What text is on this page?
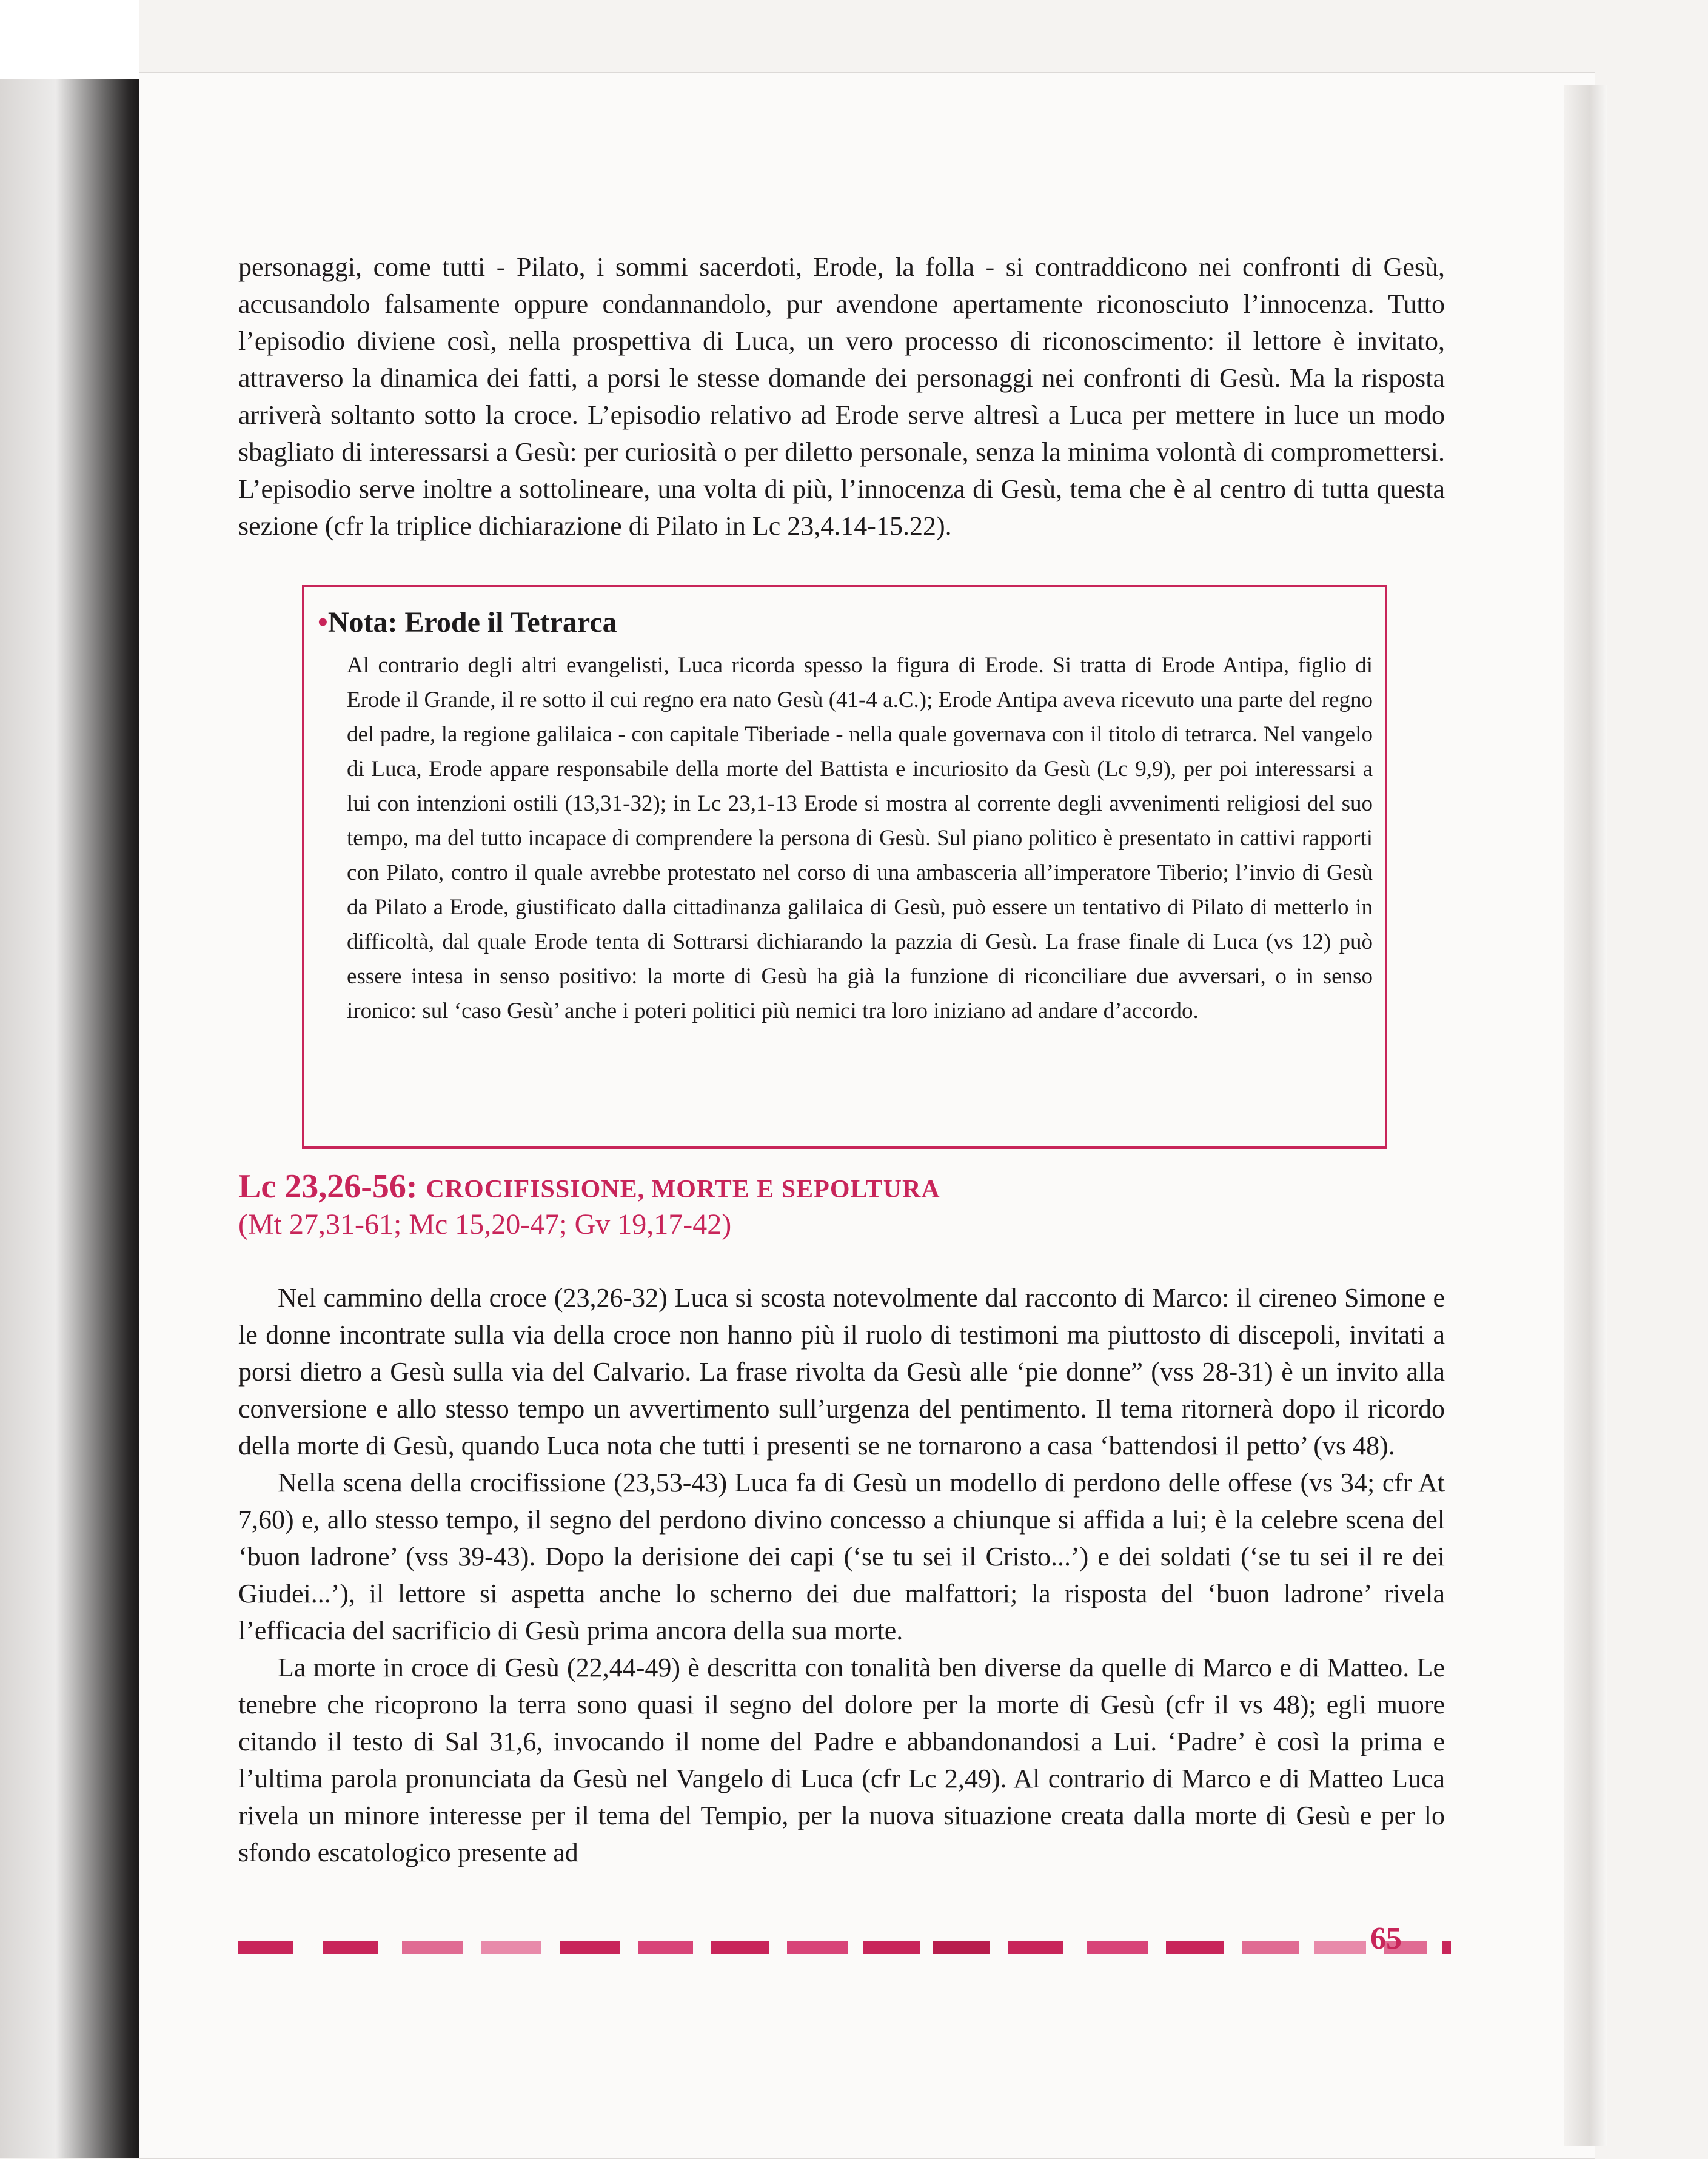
personaggi, come tutti - Pilato, i sommi sacerdoti, Erode, la folla - si contraddicono nei confronti di Gesù, accusandolo falsamente oppure condannandolo, pur avendone apertamente riconosciuto l’innocenza. Tutto l’episodio diviene così, nella prospettiva di Luca, un vero processo di riconoscimento: il lettore è invitato, attraverso la dinamica dei fatti, a porsi le stesse domande dei personaggi nei confronti di Gesù. Ma la risposta arriverà soltanto sotto la croce. L’episodio relativo ad Erode serve altresì a Luca per mettere in luce un modo sbagliato di interessarsi a Gesù: per curiosità o per diletto personale, senza la minima volontà di compromettersi. L’episodio serve inoltre a sottolineare, una volta di più, l’innocenza di Gesù, tema che è al centro di tutta questa sezione (cfr la triplice dichiarazione di Pilato in Lc 23,4.14-15.22).

•Nota: Erode il Tetrarca
Al contrario degli altri evangelisti, Luca ricorda spesso la figura di Erode. Si tratta di Erode Antipa, figlio di Erode il Grande, il re sotto il cui regno era nato Gesù (41-4 a.C.); Erode Antipa aveva ricevuto una parte del regno del padre, la regione galilaica - con capitale Tiberiade - nella quale governava con il titolo di tetrarca. Nel vangelo di Luca, Erode appare responsabile della morte del Battista e incuriosito da Gesù (Lc 9,9), per poi interessarsi a lui con intenzioni ostili (13,31-32); in Lc 23,1-13 Erode si mostra al corrente degli avvenimenti religiosi del suo tempo, ma del tutto incapace di comprendere la persona di Gesù. Sul piano politico è presentato in cattivi rapporti con Pilato, contro il quale avrebbe protestato nel corso di una ambasceria all’imperatore Tiberio; l’invio di Gesù da Pilato a Erode, giustificato dalla cittadinanza galilaica di Gesù, può essere un tentativo di Pilato di metterlo in difficoltà, dal quale Erode tenta di Sottrarsi dichiarando la pazzia di Gesù. La frase finale di Luca (vs 12) può essere intesa in senso positivo: la morte di Gesù ha già la funzione di riconciliare due avversari, o in senso ironico: sul ‘caso Gesù’ anche i poteri politici più nemici tra loro iniziano ad andare d’accordo.
Lc 23,26-56: CROCIFISSIONE, MORTE E SEPOLTURA
(Mt 27,31-61; Mc 15,20-47; Gv 19,17-42)

Nel cammino della croce (23,26-32) Luca si scosta notevolmente dal racconto di Marco: il cireneo Simone e le donne incontrate sulla via della croce non hanno più il ruolo di testimoni ma piuttosto di discepoli, invitati a porsi dietro a Gesù sulla via del Calvario. La frase rivolta da Gesù alle ‘pie donne” (vss 28-31) è un invito alla conversione e allo stesso tempo un avvertimento sull’urgenza del pentimento. Il tema ritornerà dopo il ricordo della morte di Gesù, quando Luca nota che tutti i presenti se ne tornarono a casa ‘battendosi il petto’ (vs 48).

Nella scena della crocifissione (23,53-43) Luca fa di Gesù un modello di perdono delle offese (vs 34; cfr At 7,60) e, allo stesso tempo, il segno del perdono divino concesso a chiunque si affida a lui; è la celebre scena del ‘buon ladrone’ (vss 39-43). Dopo la derisione dei capi (‘se tu sei il Cristo...’) e dei soldati (‘se tu sei il re dei Giudei...’), il lettore si aspetta anche lo scherno dei due malfattori; la risposta del ‘buon ladrone’ rivela l’efficacia del sacrificio di Gesù prima ancora della sua morte.

La morte in croce di Gesù (22,44-49) è descritta con tonalità ben diverse da quelle di Marco e di Matteo. Le tenebre che ricoprono la terra sono quasi il segno del dolore per la morte di Gesù (cfr il vs 48); egli muore citando il testo di Sal 31,6, invocando il nome del Padre e abbandonandosi a Lui. ‘Padre’ è così la prima e l’ultima parola pronunciata da Gesù nel Vangelo di Luca (cfr Lc 2,49). Al contrario di Marco e di Matteo Luca rivela un minore interesse per il tema del Tempio, per la nuova situazione creata dalla morte di Gesù e per lo sfondo escatologico presente ad

65
